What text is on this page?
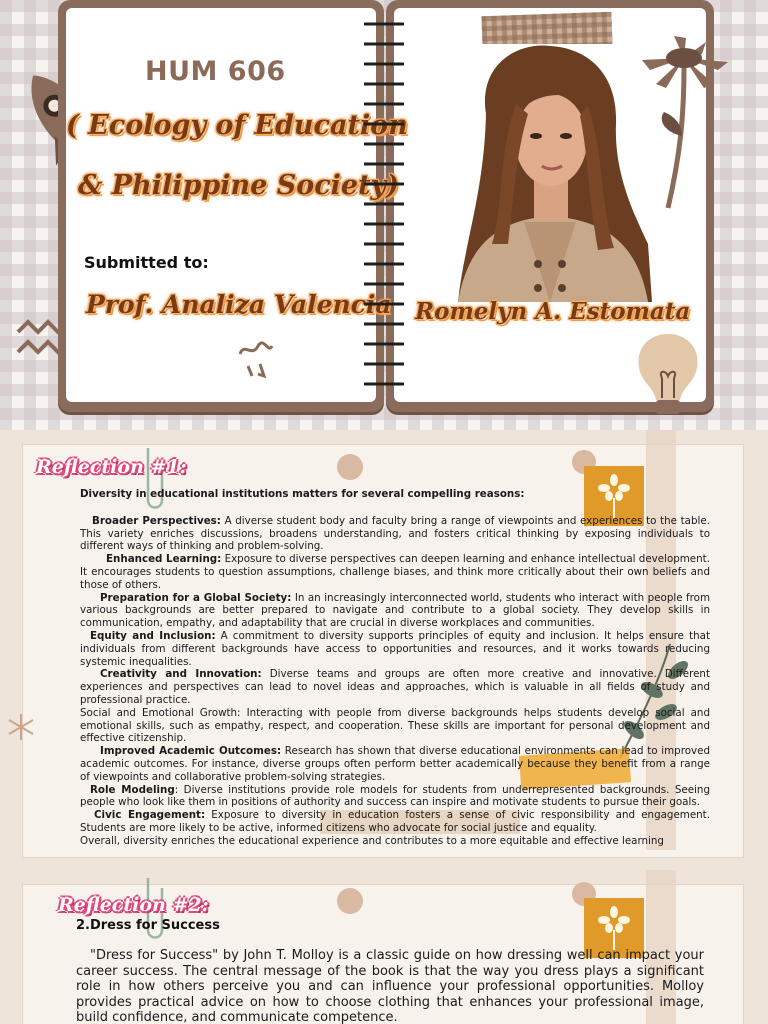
HUM 606
( Ecology of Education
& Philippine Society)
Submitted to:
Prof. Analiza Valencia Romelyn A. Estomata
Reflection #1:
Diversity in educational institutions matters for several compelling reasons:

Broader Perspectives: A diverse student body and faculty bring a range of viewpoints and experiences to the table. This variety enriches discussions, broadens understanding, and fosters critical thinking by exposing individuals to different ways of thinking and problem-solving.

Enhanced Learning: Exposure to diverse perspectives can deepen learning and enhance intellectual development. It encourages students to question assumptions, challenge biases, and think more critically about their own beliefs and those of others.

Preparation for a Global Society: In an increasingly interconnected world, students who interact with people from various backgrounds are better prepared to navigate and contribute to a global society. They develop skills in communication, empathy, and adaptability that are crucial in diverse workplaces and communities.

Equity and Inclusion: A commitment to diversity supports principles of equity and inclusion. It helps ensure that individuals from different backgrounds have access to opportunities and resources, and it works towards reducing systemic inequalities.

Creativity and Innovation: Diverse teams and groups are often more creative and innovative. Different experiences and perspectives can lead to novel ideas and approaches, which is valuable in all fields of study and professional practice.

Social and Emotional Growth: Interacting with people from diverse backgrounds helps students develop social and emotional skills, such as empathy, respect, and cooperation. These skills are important for personal development and effective citizenship.

Improved Academic Outcomes: Research has shown that diverse educational environments can lead to improved academic outcomes. For instance, diverse groups often perform better academically because they benefit from a range of viewpoints and collaborative problem-solving strategies.

Role Modeling: Diverse institutions provide role models for students from underrepresented backgrounds. Seeing people who look like them in positions of authority and success can inspire and motivate students to pursue their goals.

Civic Engagement: Exposure to diversity in education fosters a sense of civic responsibility and engagement. Students are more likely to be active, informed citizens who advocate for social justice and equality.

Overall, diversity enriches the educational experience and contributes to a more equitable and effective learning

Reflection #2:
2.Dress for Success
"Dress for Success" by John T. Molloy is a classic guide on how dressing well can impact your career success. The central message of the book is that the way you dress plays a significant role in how others perceive you and can influence your professional opportunities. Molloy provides practical advice on how to choose clothing that enhances your professional image, build confidence, and communicate competence.
